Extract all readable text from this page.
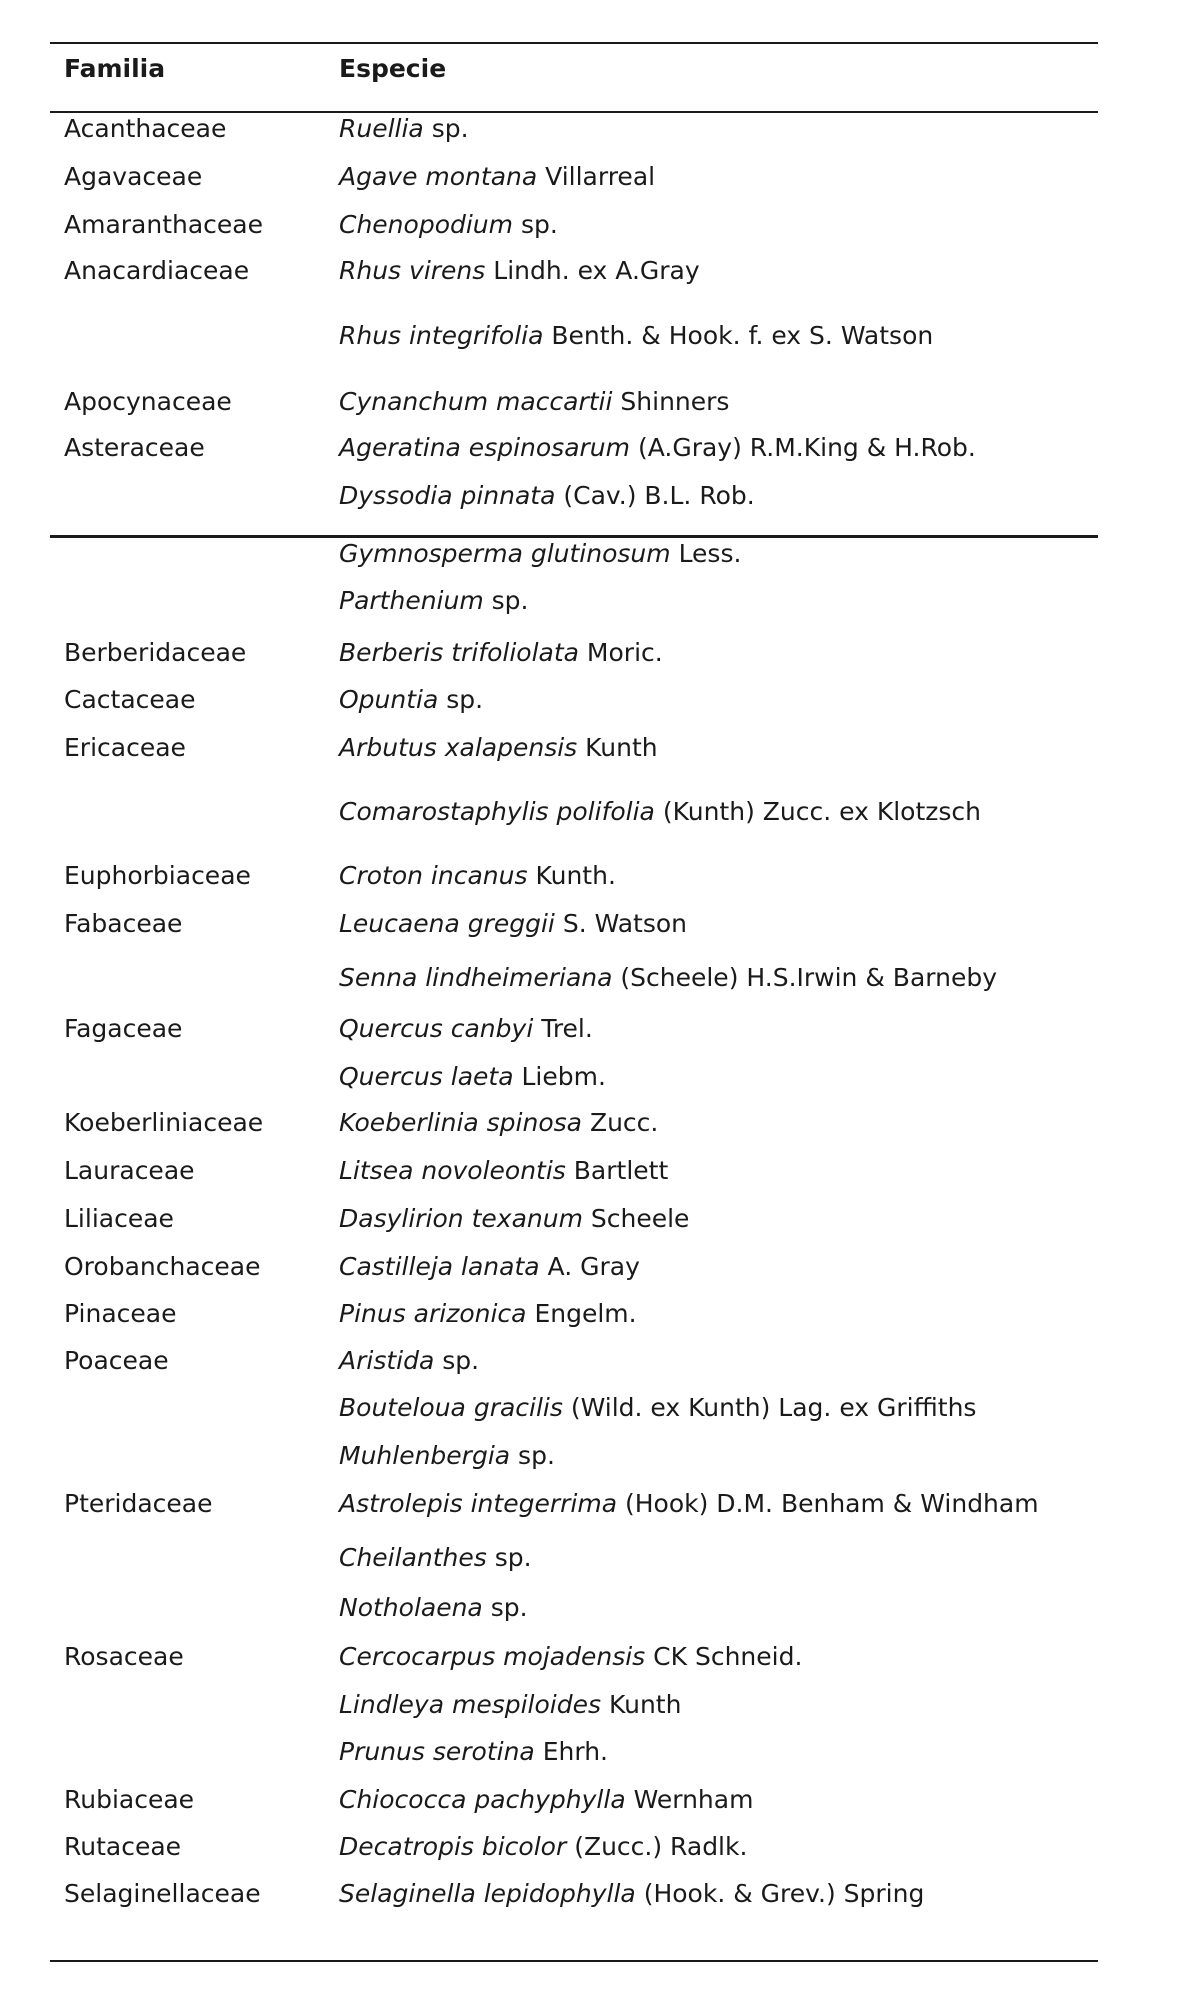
Familia	Especie
Acanthaceae	Ruellia sp.
Agavaceae	Agave montana Villarreal
Amaranthaceae	Chenopodium sp.
Anacardiaceae	Rhus virens Lindh. ex A.Gray
Rhus integrifolia Benth. & Hook. f. ex S. Watson
Apocynaceae	Cynanchum maccartii Shinners
Asteraceae	Ageratina espinosarum (A.Gray) R.M.King & H.Rob.
Dyssodia pinnata (Cav.) B.L. Rob.
Gymnosperma glutinosum Less.
Parthenium sp.
Berberidaceae	Berberis trifoliolata Moric.
Cactaceae	Opuntia sp.
Ericaceae	Arbutus xalapensis Kunth
Comarostaphylis polifolia (Kunth) Zucc. ex Klotzsch
Euphorbiaceae	Croton incanus Kunth.
Fabaceae	Leucaena greggii S. Watson
Senna lindheimeriana (Scheele) H.S.Irwin & Barneby
Fagaceae	Quercus canbyi Trel.
Quercus laeta Liebm.
Koeberliniaceae	Koeberlinia spinosa Zucc.
Lauraceae	Litsea novoleontis Bartlett
Liliaceae	Dasylirion texanum Scheele
Orobanchaceae	Castilleja lanata A. Gray
Pinaceae	Pinus arizonica Engelm.
Poaceae	Aristida sp.
Bouteloua gracilis (Wild. ex Kunth) Lag. ex Griffiths
Muhlenbergia sp.
Pteridaceae	Astrolepis integerrima (Hook) D.M. Benham & Windham
Cheilanthes sp.
Notholaena sp.
Rosaceae	Cercocarpus mojadensis CK Schneid.
Lindleya mespiloides Kunth
Prunus serotina Ehrh.
Rubiaceae	Chiococca pachyphylla Wernham
Rutaceae	Decatropis bicolor (Zucc.) Radlk.
Selaginellaceae	Selaginella lepidophylla (Hook. & Grev.) Spring
